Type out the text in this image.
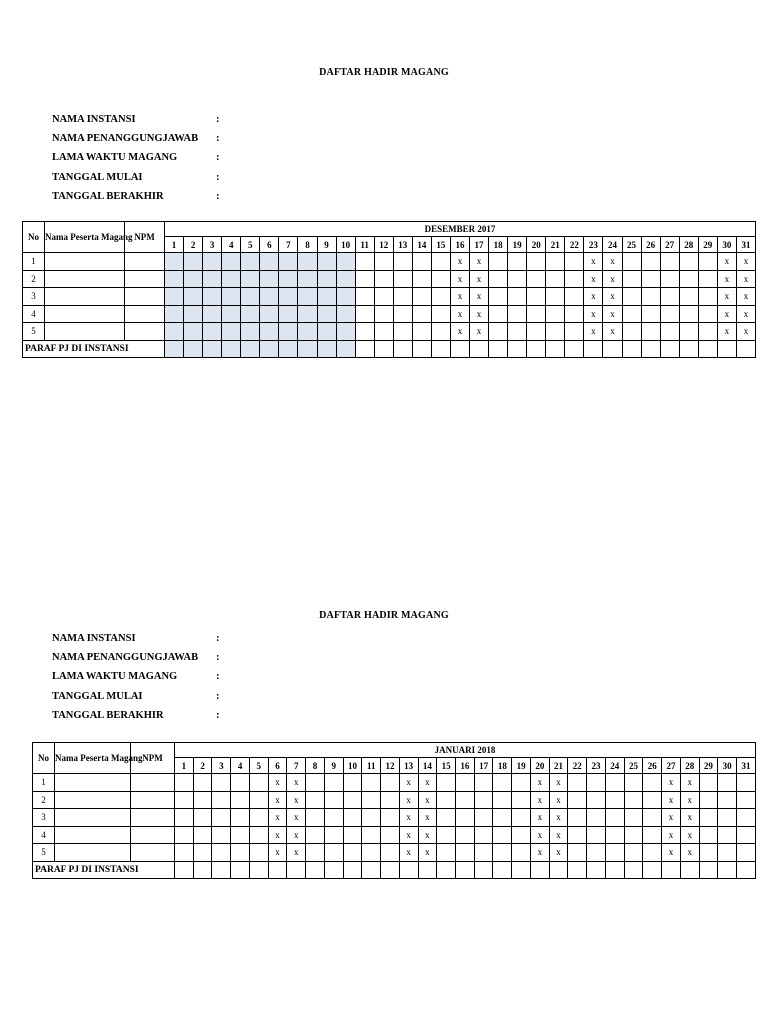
DAFTAR HADIR MAGANG
NAMA INSTANSI	:
NAMA PENANGGUNGJAWAB :
LAMA WAKTU MAGANG	:
TANGGAL MULAI	:
TANGGAL BERAKHIR	:
No	Nama Peserta Magang	NPM	DESEMBER 2017																														
			1	2	3	4	5	6	7	8	9	10	11	12	13	14	15	16	17	18	19	20	21	22	23	24	25	26	27	28	29	30	31
1																		x	x						x	x						x	x
2																		x	x						x	x						x	x
3																		x	x						x	x						x	x
4																		x	x						x	x						x	x
5																		x	x						x	x						x	x
PARAF PJ DI INSTANSI																																	
DAFTAR HADIR MAGANG
NAMA INSTANSI	:
NAMA PENANGGUNGJAWAB :
LAMA WAKTU MAGANG	:
TANGGAL MULAI	:
TANGGAL BERAKHIR	:
No	Nama Peserta Magang	NPM	JANUARI 2018																														
			1	2	3	4	5	6	7	8	9	10	11	12	13	14	15	16	17	18	19	20	21	22	23	24	25	26	27	28	29	30	31
1								x	x						x	x						x	x						x	x			
2								x	x						x	x						x	x						x	x			
3								x	x						x	x						x	x						x	x			
4								x	x						x	x						x	x						x	x			
5								x	x						x	x						x	x						x	x			
PARAF PJ DI INSTANSI																																	
